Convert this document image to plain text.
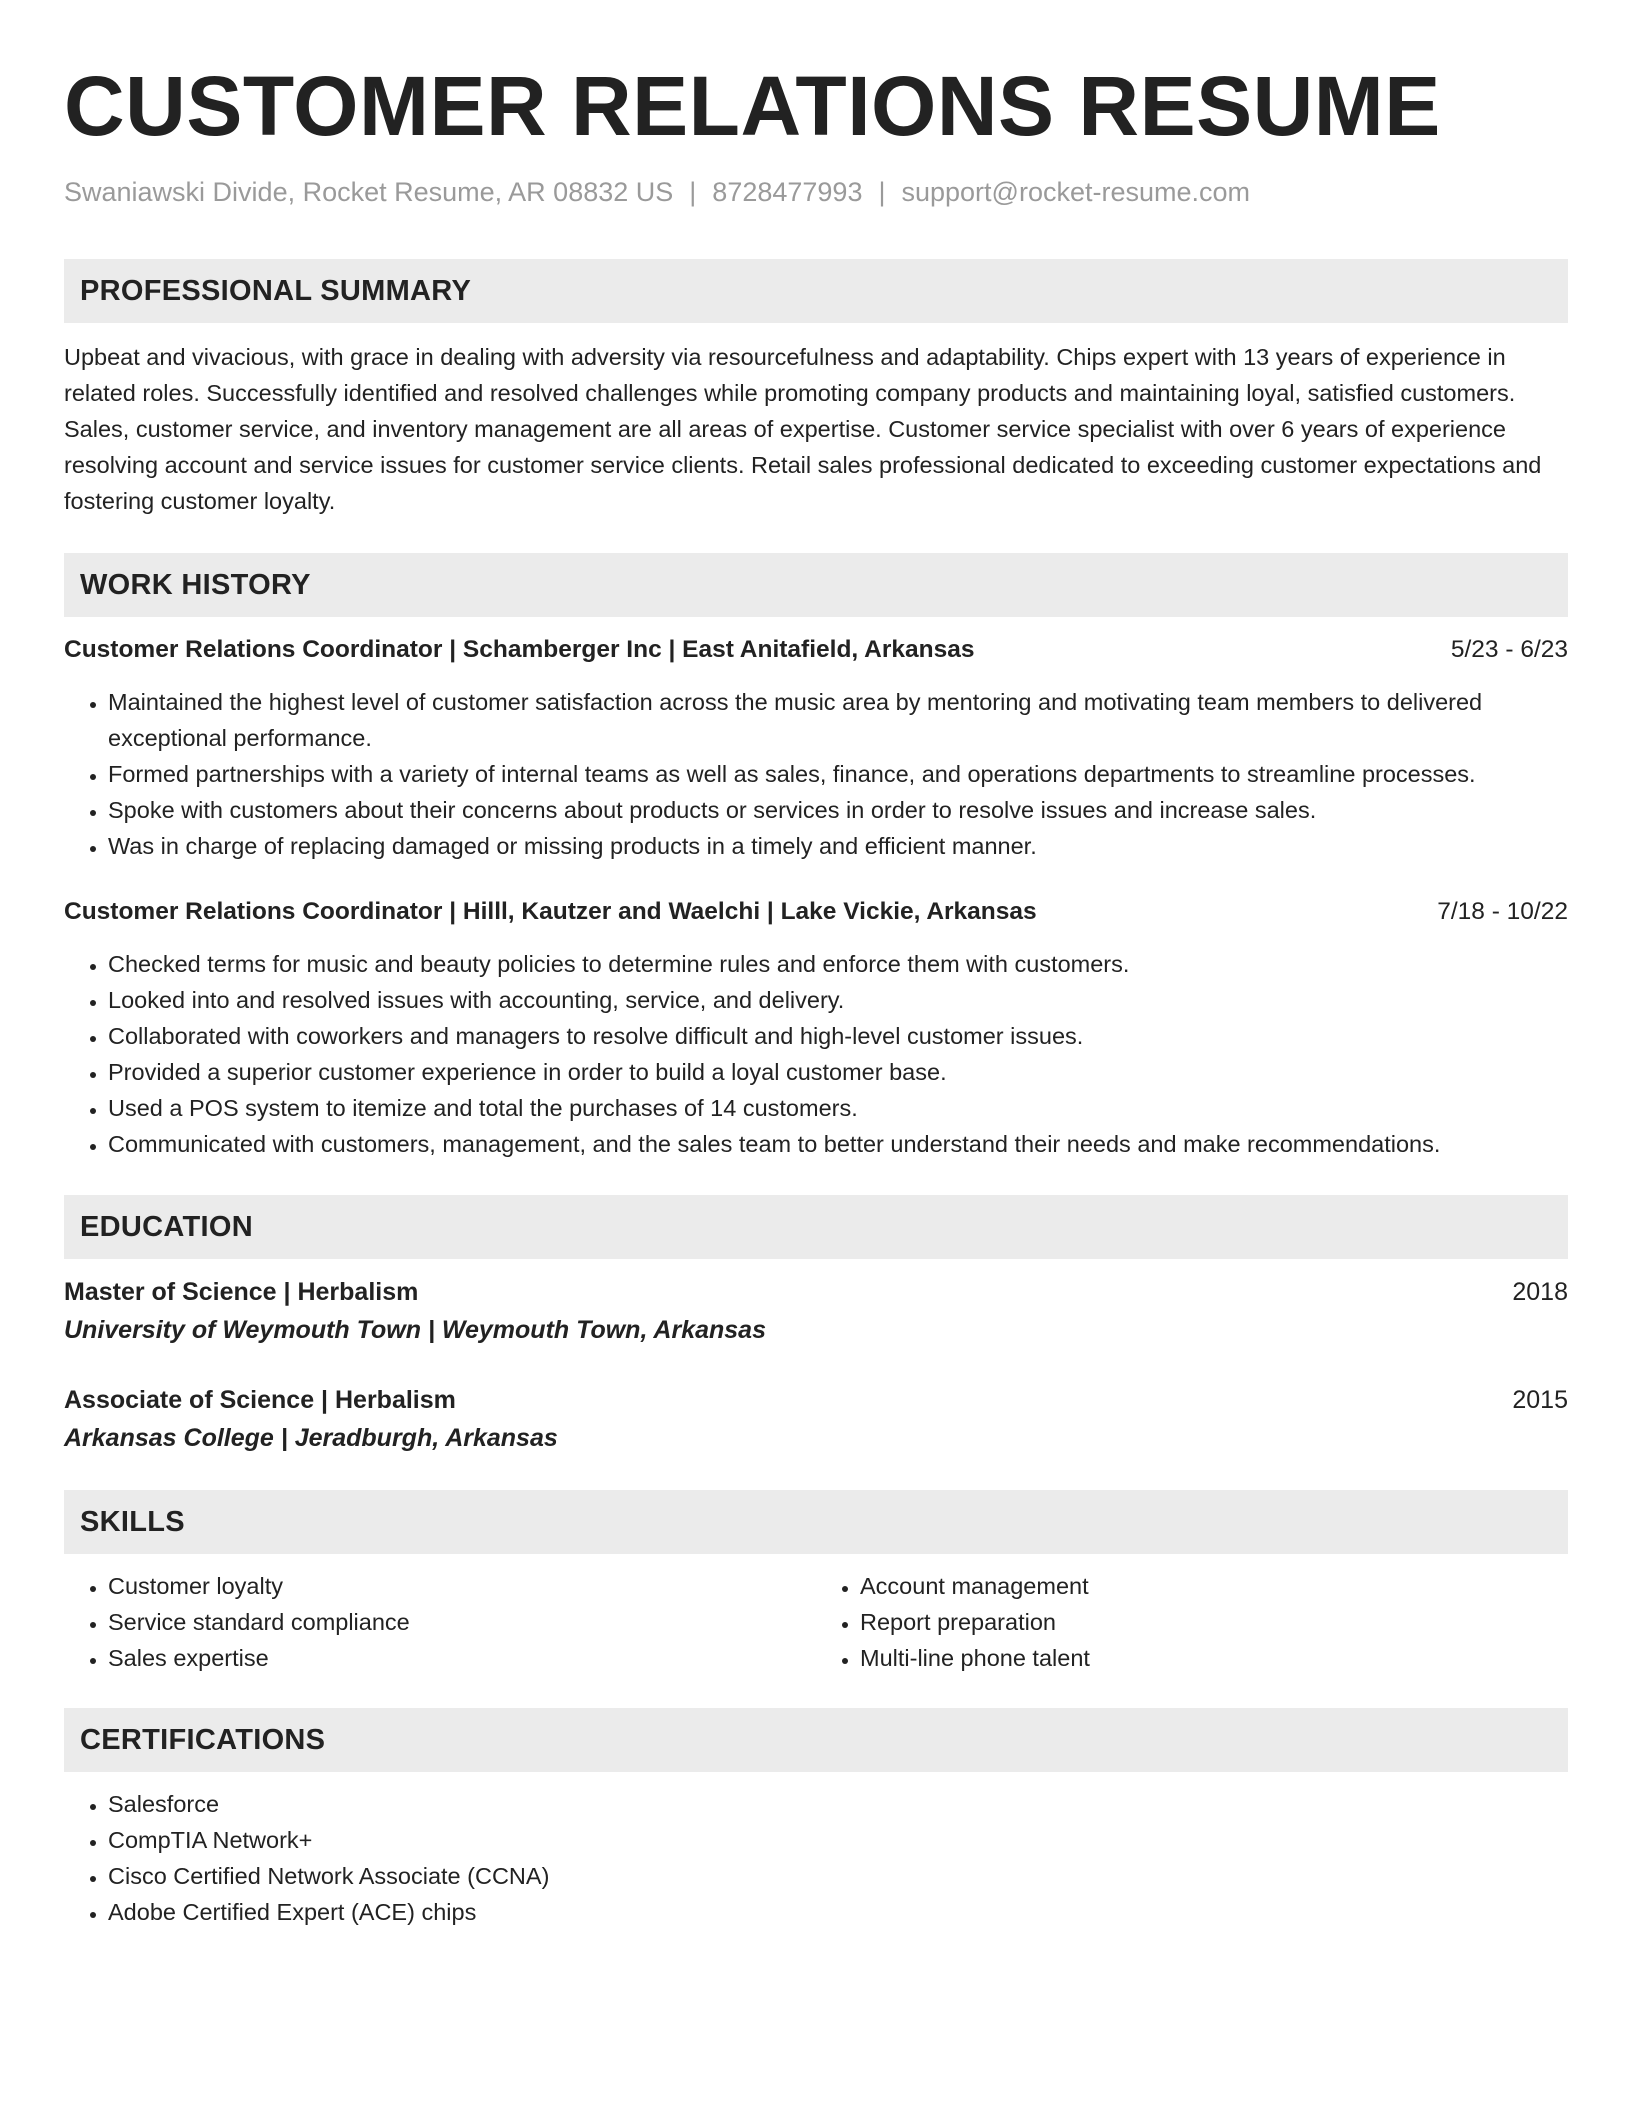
CUSTOMER RELATIONS RESUME
Swaniawski Divide, Rocket Resume, AR 08832 US | 8728477993 | support@rocket-resume.com
PROFESSIONAL SUMMARY
Upbeat and vivacious, with grace in dealing with adversity via resourcefulness and adaptability. Chips expert with 13 years of experience in related roles. Successfully identified and resolved challenges while promoting company products and maintaining loyal, satisfied customers. Sales, customer service, and inventory management are all areas of expertise. Customer service specialist with over 6 years of experience resolving account and service issues for customer service clients. Retail sales professional dedicated to exceeding customer expectations and fostering customer loyalty.
WORK HISTORY
Customer Relations Coordinator | Schamberger Inc | East Anitafield, Arkansas	5/23 - 6/23
• Maintained the highest level of customer satisfaction across the music area by mentoring and motivating team members to delivered exceptional performance.
• Formed partnerships with a variety of internal teams as well as sales, finance, and operations departments to streamline processes.
• Spoke with customers about their concerns about products or services in order to resolve issues and increase sales.
• Was in charge of replacing damaged or missing products in a timely and efficient manner.
Customer Relations Coordinator | Hilll, Kautzer and Waelchi | Lake Vickie, Arkansas	7/18 - 10/22
• Checked terms for music and beauty policies to determine rules and enforce them with customers.
• Looked into and resolved issues with accounting, service, and delivery.
• Collaborated with coworkers and managers to resolve difficult and high-level customer issues.
• Provided a superior customer experience in order to build a loyal customer base.
• Used a POS system to itemize and total the purchases of 14 customers.
• Communicated with customers, management, and the sales team to better understand their needs and make recommendations.
EDUCATION
Master of Science | Herbalism	2018
University of Weymouth Town | Weymouth Town, Arkansas
Associate of Science | Herbalism	2015
Arkansas College | Jeradburgh, Arkansas
SKILLS
• Customer loyalty
• Service standard compliance
• Sales expertise
• Account management
• Report preparation
• Multi-line phone talent
CERTIFICATIONS
• Salesforce
• CompTIA Network+
• Cisco Certified Network Associate (CCNA)
• Adobe Certified Expert (ACE) chips
